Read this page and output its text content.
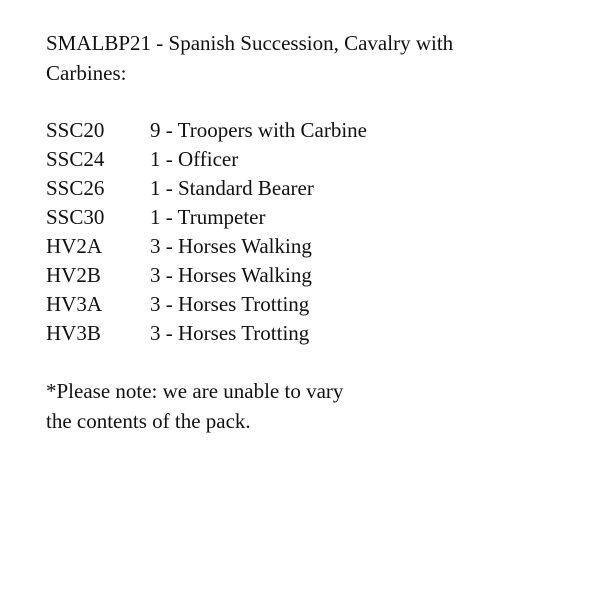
SMALBP21 - Spanish Succession, Cavalry with
Carbines:
SSC20	9 - Troopers with Carbine
SSC24	1 - Officer
SSC26	1 - Standard Bearer
SSC30	1 - Trumpeter
HV2A	3 - Horses Walking
HV2B	3 - Horses Walking
HV3A	3 - Horses Trotting
HV3B	3 - Horses Trotting

*Please note: we are unable to vary

the contents of the pack.
